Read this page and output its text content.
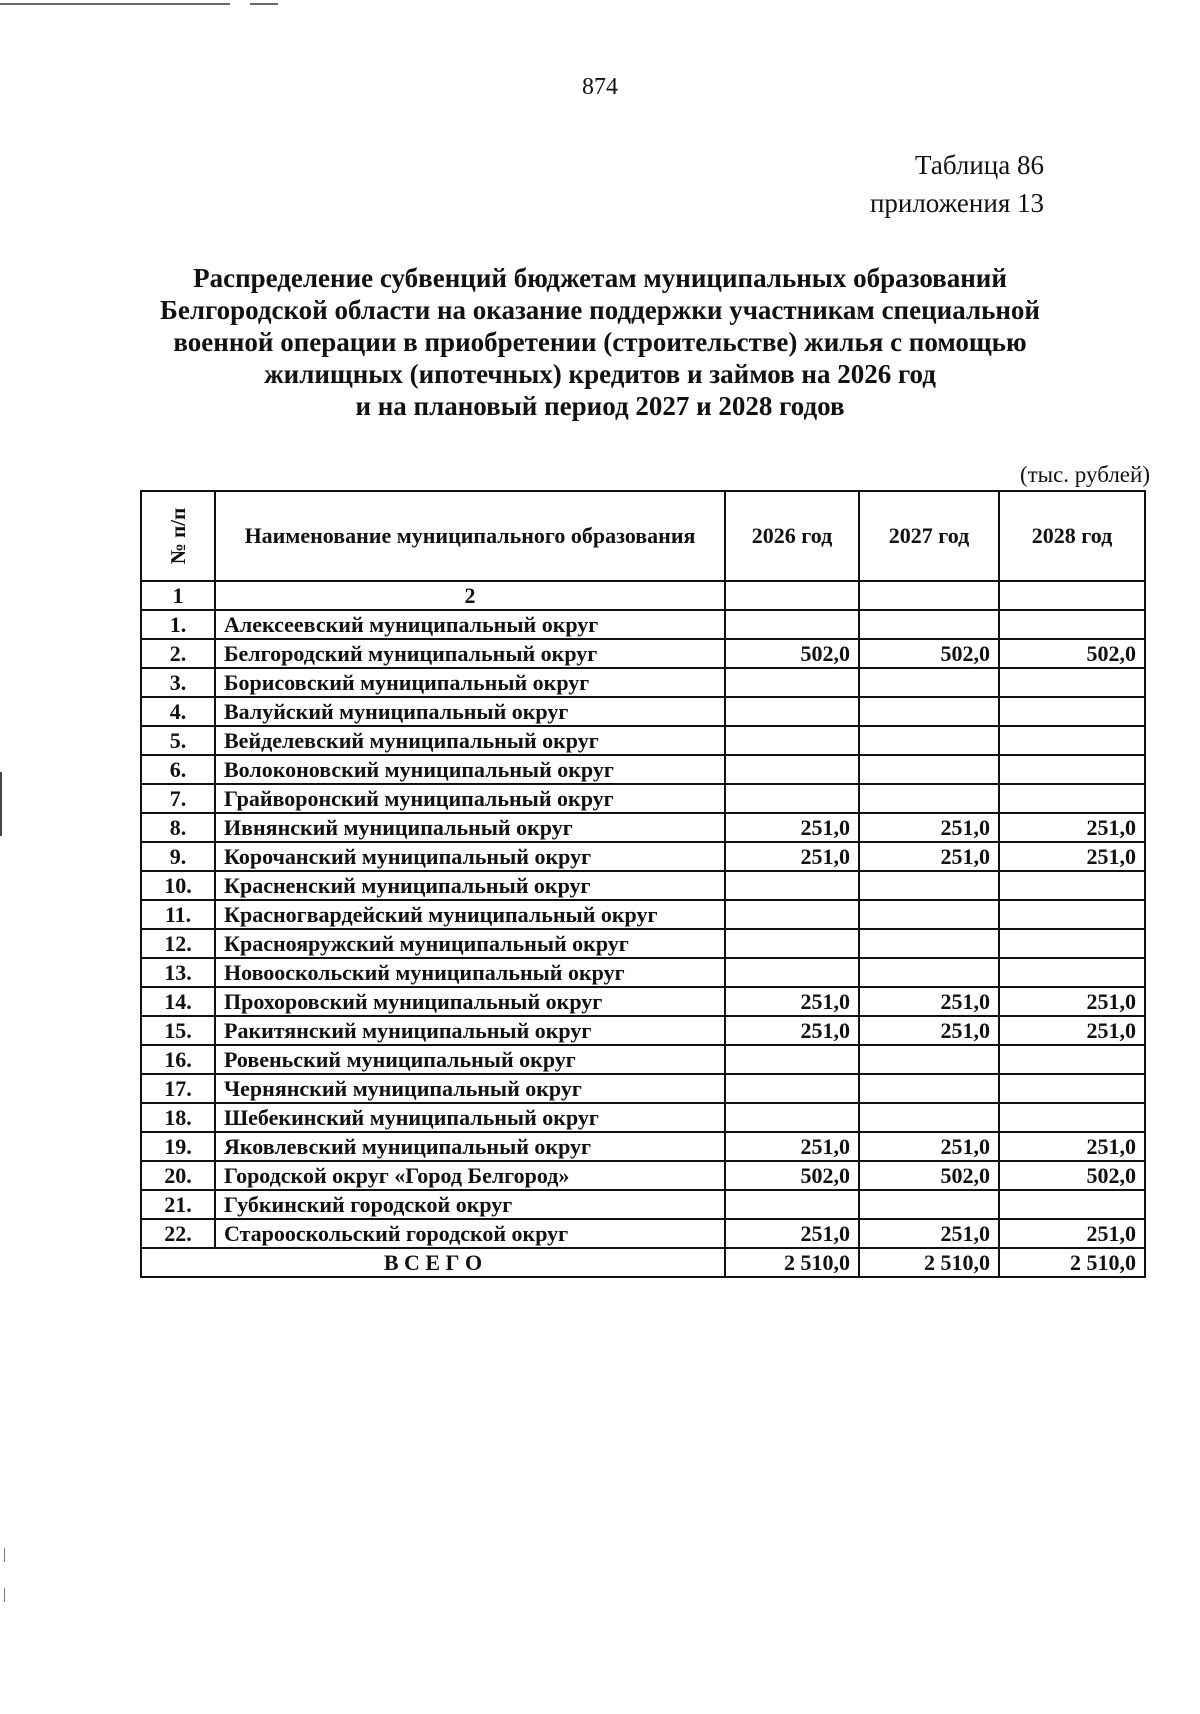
874
Таблица 86
приложения 13
Распределение субвенций бюджетам муниципальных образований
Белгородской области на оказание поддержки участникам специальной
военной операции в приобретении (строительстве) жилья с помощью
жилищных (ипотечных) кредитов и займов на 2026 год
и на плановый период 2027 и 2028 годов
(тыс. рублей)
№ п/п	Наименование муниципального образования	2026 год	2027 год	2028 год
1	2			
1.	Алексеевский муниципальный округ			
2.	Белгородский муниципальный округ	502,0	502,0	502,0
3.	Борисовский муниципальный округ			
4.	Валуйский муниципальный округ			
5.	Вейделевский муниципальный округ			
6.	Волоконовский муниципальный округ			
7.	Грайворонский муниципальный округ			
8.	Ивнянский муниципальный округ	251,0	251,0	251,0
9.	Корочанский муниципальный округ	251,0	251,0	251,0
10.	Красненский муниципальный округ			
11.	Красногвардейский муниципальный округ			
12.	Краснояружский муниципальный округ			
13.	Новооскольский муниципальный округ			
14.	Прохоровский муниципальный округ	251,0	251,0	251,0
15.	Ракитянский муниципальный округ	251,0	251,0	251,0
16.	Ровеньский муниципальный округ			
17.	Чернянский муниципальный округ			
18.	Шебекинский муниципальный округ			
19.	Яковлевский муниципальный округ	251,0	251,0	251,0
20.	Городской округ «Город Белгород»	502,0	502,0	502,0
21.	Губкинский городской округ			
22.	Старооскольский городской округ	251,0	251,0	251,0
В С Е Г О		2 510,0	2 510,0	2 510,0
